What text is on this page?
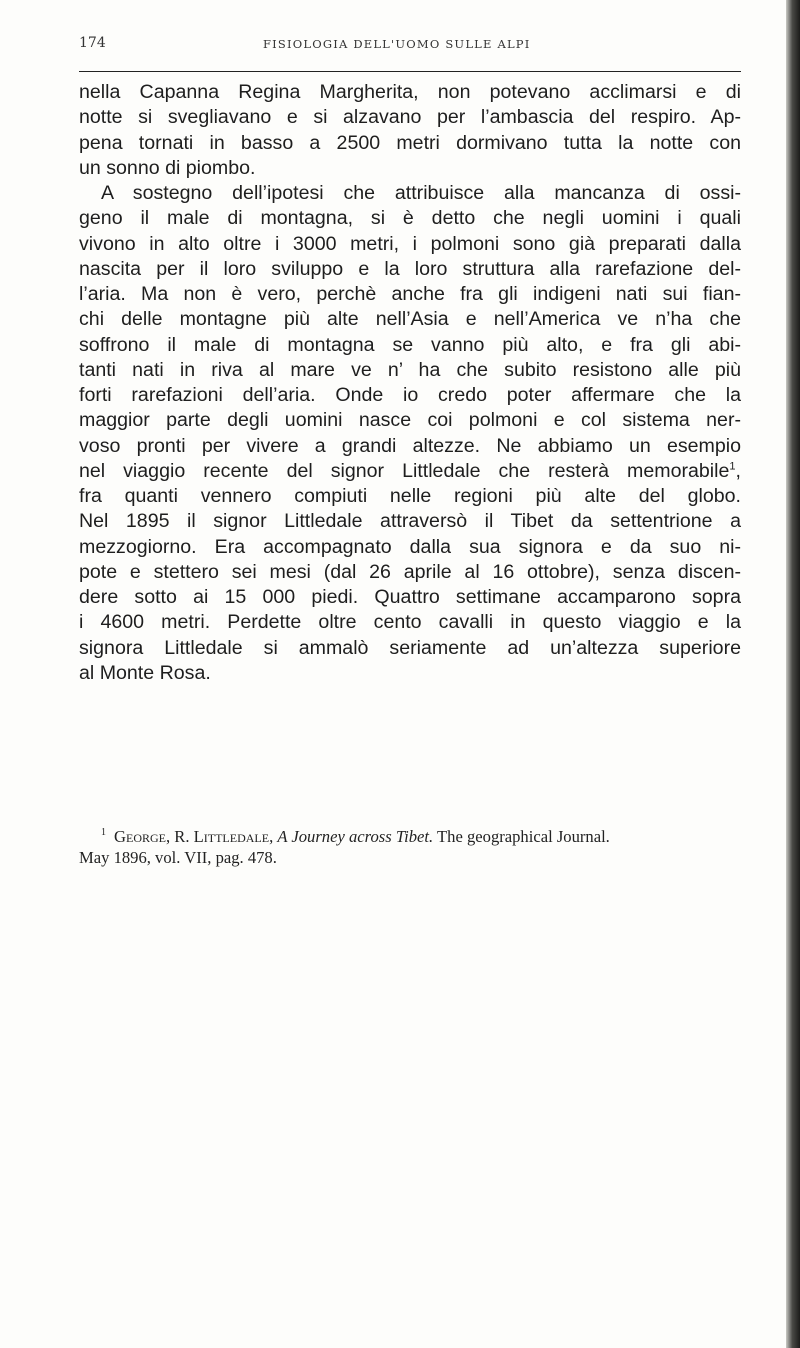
174	FISIOLOGIA DELL'UOMO SULLE ALPI
nella Capanna Regina Margherita, non potevano acclimarsi e di
notte si svegliavano e si alzavano per l’ambascia del respiro. Ap-
pena tornati in basso a 2500 metri dormivano tutta la notte con
un sonno di piombo.
A sostegno dell’ipotesi che attribuisce alla mancanza di ossi-
geno il male di montagna, si è detto che negli uomini i quali
vivono in alto oltre i 3000 metri, i polmoni sono già preparati dalla
nascita per il loro sviluppo e la loro struttura alla rarefazione del-
l’aria. Ma non è vero, perchè anche fra gli indigeni nati sui fian-
chi delle montagne più alte nell’Asia e nell’America ve n’ha che
soffrono il male di montagna se vanno più alto, e fra gli abi-
tanti nati in riva al mare ve n’ ha che subito resistono alle più
forti rarefazioni dell’aria. Onde io credo poter affermare che la
maggior parte degli uomini nasce coi polmoni e col sistema ner-
voso pronti per vivere a grandi altezze. Ne abbiamo un esempio
nel viaggio recente del signor Littledale che resterà memorabile$^1$,
fra quanti vennero compiuti nelle regioni più alte del globo.
Nel 1895 il signor Littledale attraversò il Tibet da settentrione a
mezzogiorno. Era accompagnato dalla sua signora e da suo ni-
pote e stettero sei mesi (dal 26 aprile al 16 ottobre), senza discen-
dere sotto ai 15 000 piedi. Quattro settimane accamparono sopra
i 4600 metri. Perdette oltre cento cavalli in questo viaggio e la
signora Littledale si ammalò seriamente ad un’altezza superiore
al Monte Rosa.
$^1$ George, R. Littledale, A Journey across Tibet. The geographical Journal.
May 1896, vol. VII, pag. 478.
